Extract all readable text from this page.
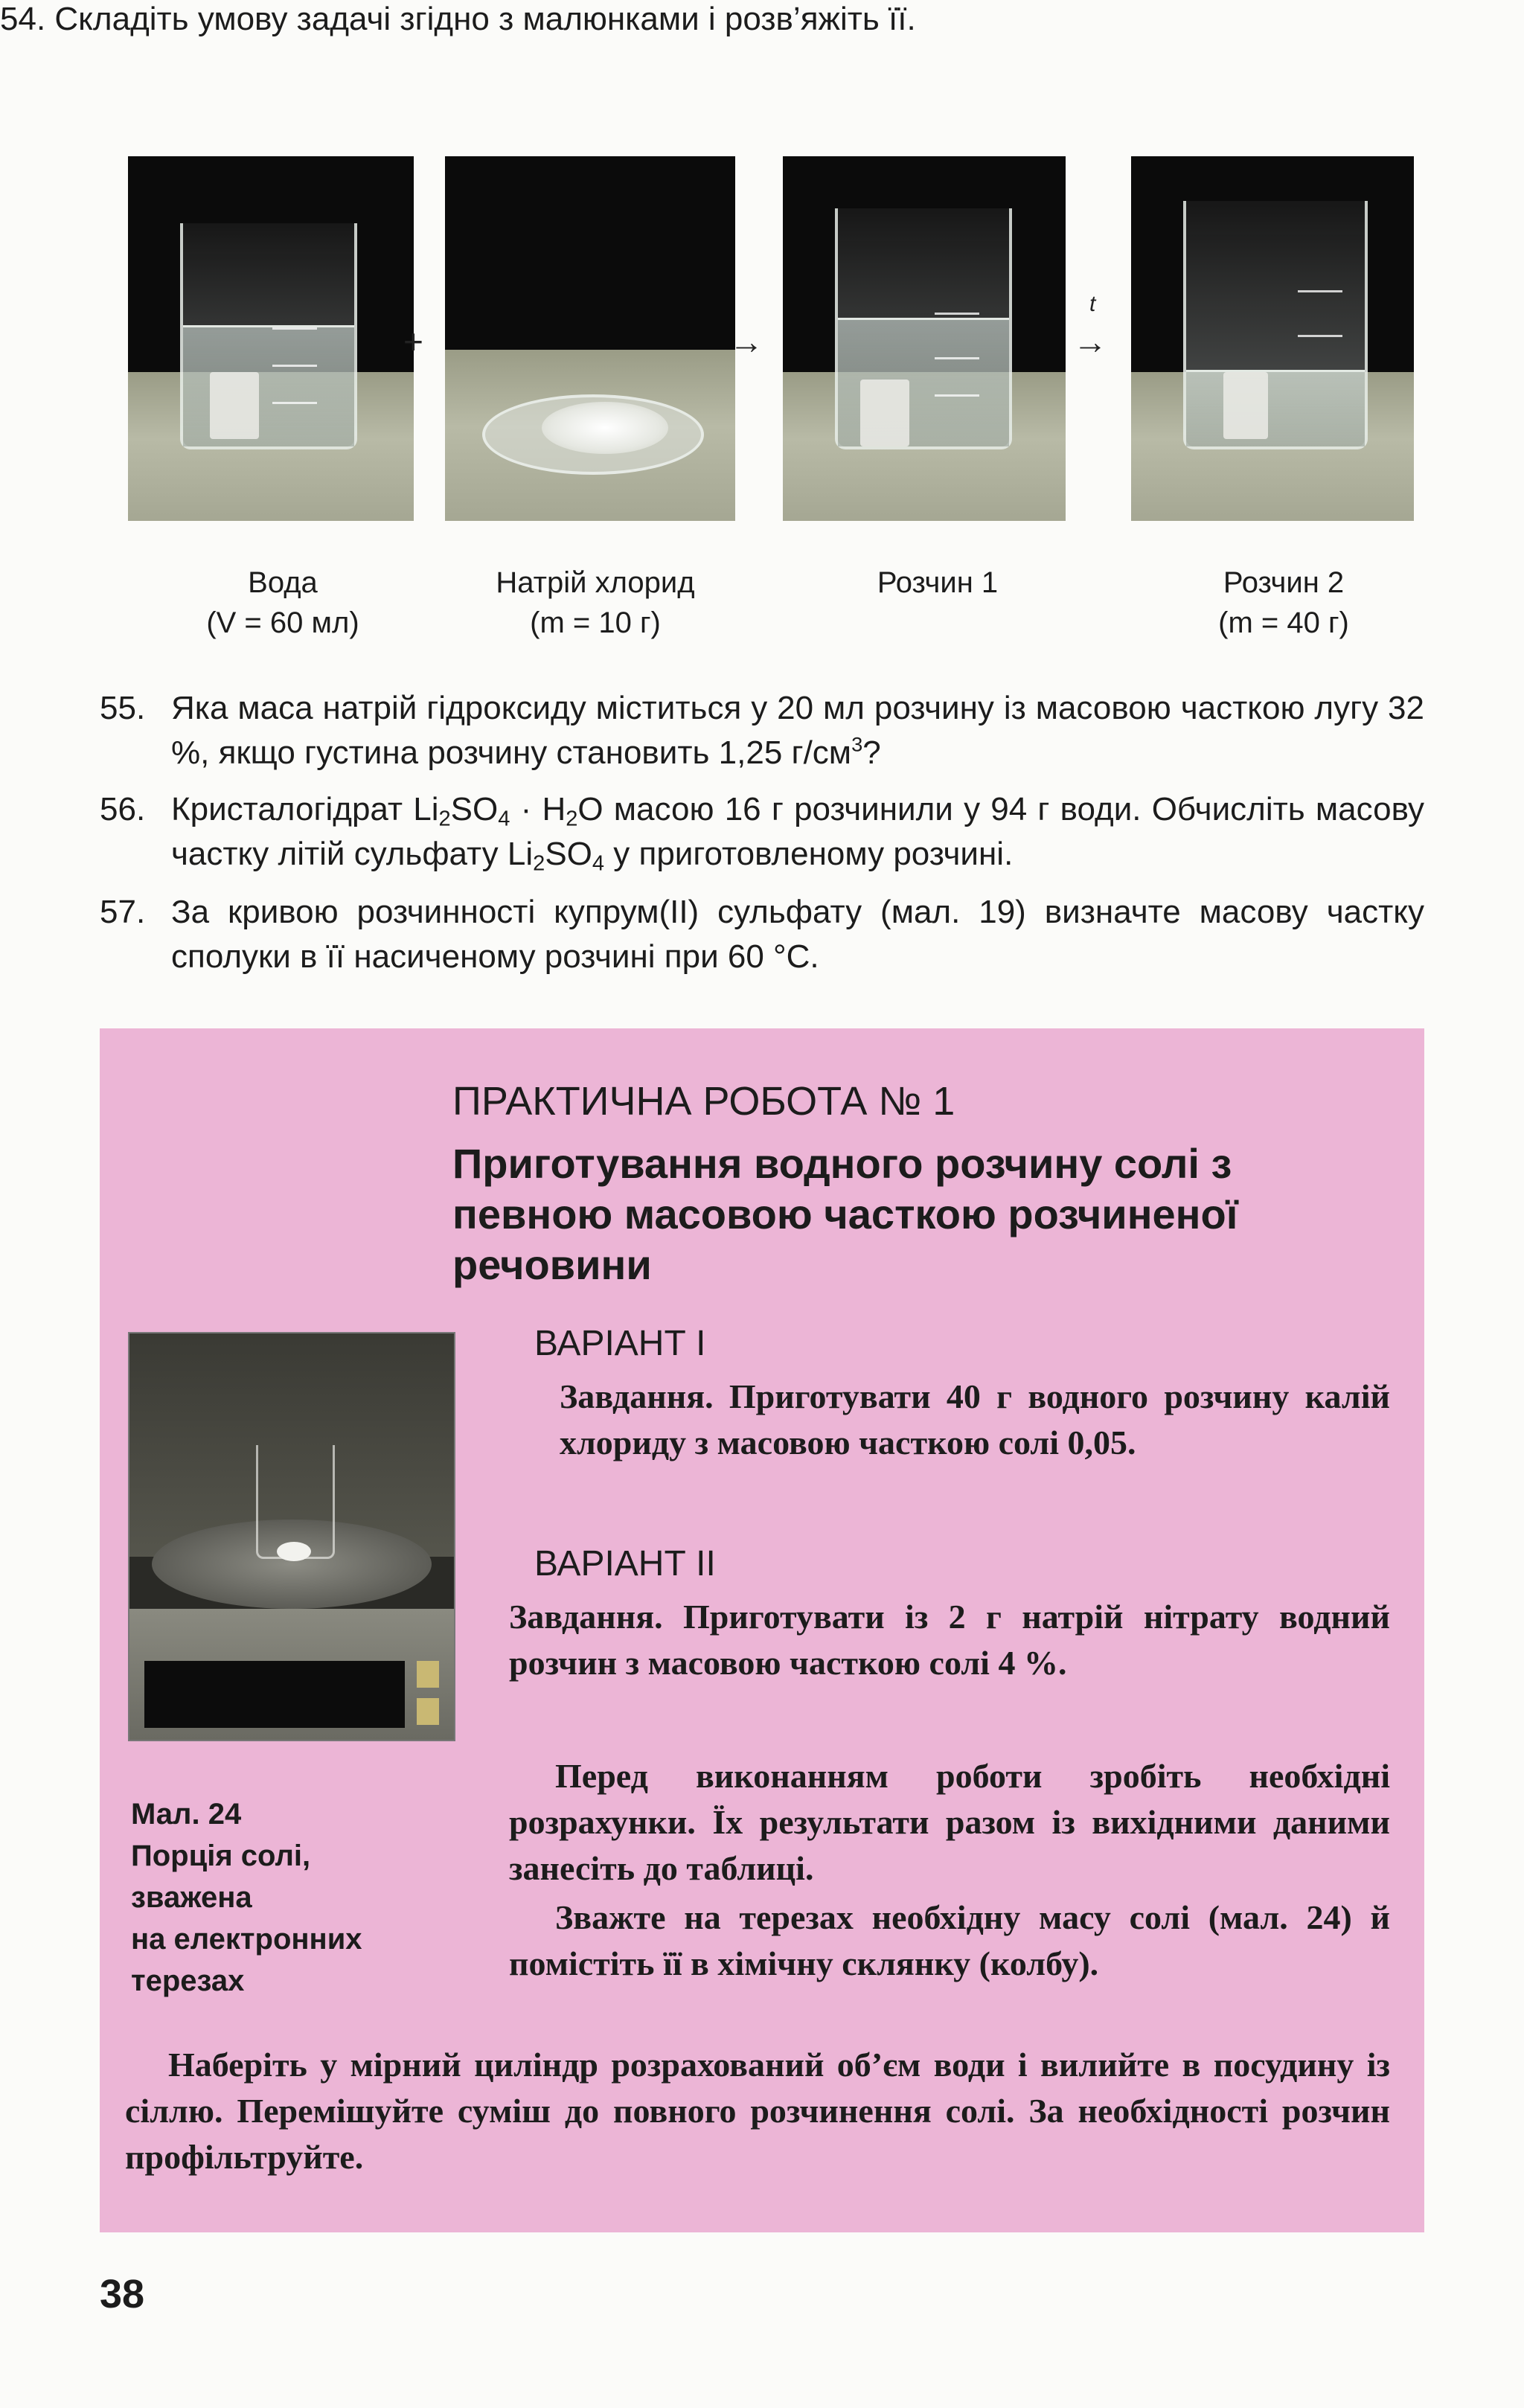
54. Складіть умову задачі згідно з малюнками і розв’яжіть її.
+	→
t
→
Вода
(V = 60 мл)
Натрій хлорид
(m = 10 г)
Розчин 1	Розчин 2
(m = 40 г)
55. Яка маса натрій гідроксиду міститься у 20 мл розчину із масовою часткою лугу 32 %, якщо густина розчину становить 1,25 $г/см^3$?
56. Кристалогідрат $Li_2SO_4 \cdot H_2O$ масою 16 г розчинили у 94 г води. Обчисліть масову частку літій сульфату $Li_2SO_4$ у приготовленому розчині.
57. За кривою розчинності купрум(II) сульфату (мал. 19) визначте масову частку сполуки в її насиченому розчині при 60 °C.
ПРАКТИЧНА РОБОТА № 1
Приготування водного розчину солі з певною масовою часткою розчиненої речовини
ВАРІАНТ І
Завдання. Приготувати 40 г водного розчину калій хлориду з масовою часткою солі 0,05.
ВАРІАНТ ІІ
Завдання. Приготувати із 2 г натрій нітрату водний розчин з масовою часткою солі 4 %.
Перед виконанням роботи зробіть необхідні розрахунки. Їх результати разом із вихідними даними занесіть до таблиці.
Зважте на терезах необхідну масу солі (мал. 24) й помістіть її в хімічну склянку (колбу).
Мал. 24
Порція солі,
зважена
на електронних
терезах
Наберіть у мірний циліндр розрахований об’єм води і вилийте в посудину із сіллю. Перемішуйте суміш до повного розчинення солі. За необхідності розчин профільтруйте.
38
